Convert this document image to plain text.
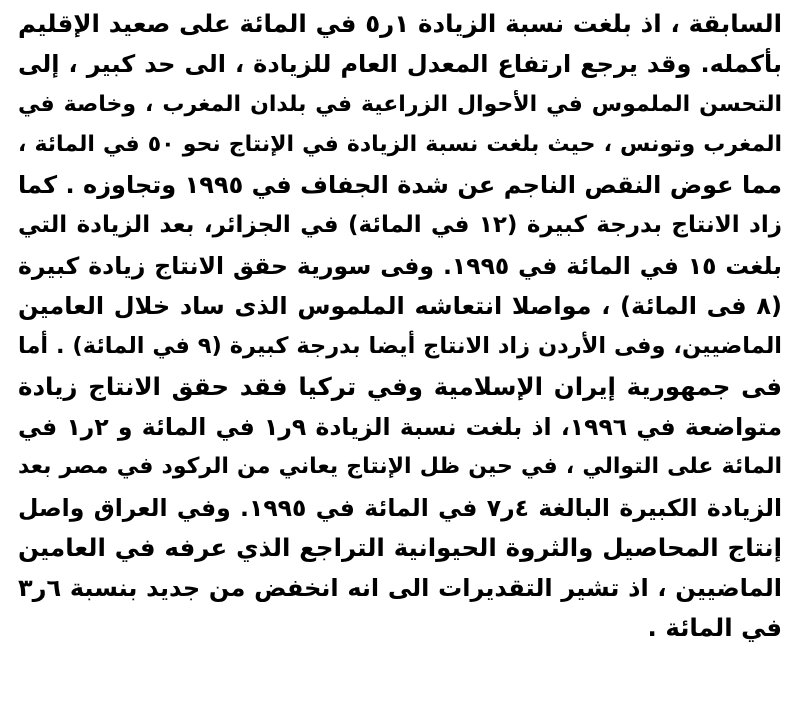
السابقة ، اذ بلغت نسبة الزيادة ١ر٥ في المائة على صعيد الإقليم
بأكمله. وقد يرجع ارتفاع المعدل العام للزيادة ، الى حد كبير ، إلى
التحسن الملموس في الأحوال الزراعية في بلدان المغرب ، وخاصة في
المغرب وتونس ، حيث بلغت نسبة الزيادة في الإنتاج نحو ٥٠ في المائة ،
مما عوض النقص الناجم عن شدة الجفاف في ١٩٩٥ وتجاوزه . كما
زاد الانتاج بدرجة كبيرة (١٢ في المائة) في الجزائر، بعد الزيادة التي
بلغت ١٥ في المائة في ١٩٩٥. وفى سورية حقق الانتاج زيادة كبيرة
(٨ فى المائة) ، مواصلا انتعاشه الملموس الذى ساد خلال العامين
الماضيين، وفى الأردن زاد الانتاج أيضا بدرجة كبيرة (٩ في المائة) . أما
فى جمهورية إيران الإسلامية وفي تركيا فقد حقق الانتاج زيادة
متواضعة في ١٩٩٦، اذ بلغت نسبة الزيادة ٩ر١ في المائة و ٢ر١ في
المائة على التوالي ، في حين ظل الإنتاج يعاني من الركود في مصر بعد
الزيادة الكبيرة البالغة ٤ر٧ في المائة في ١٩٩٥. وفي العراق واصل
إنتاج المحاصيل والثروة الحيوانية التراجع الذي عرفه في العامين
الماضيين ، اذ تشير التقديرات الى انه انخفض من جديد بنسبة ٦ر٣
في المائة .
